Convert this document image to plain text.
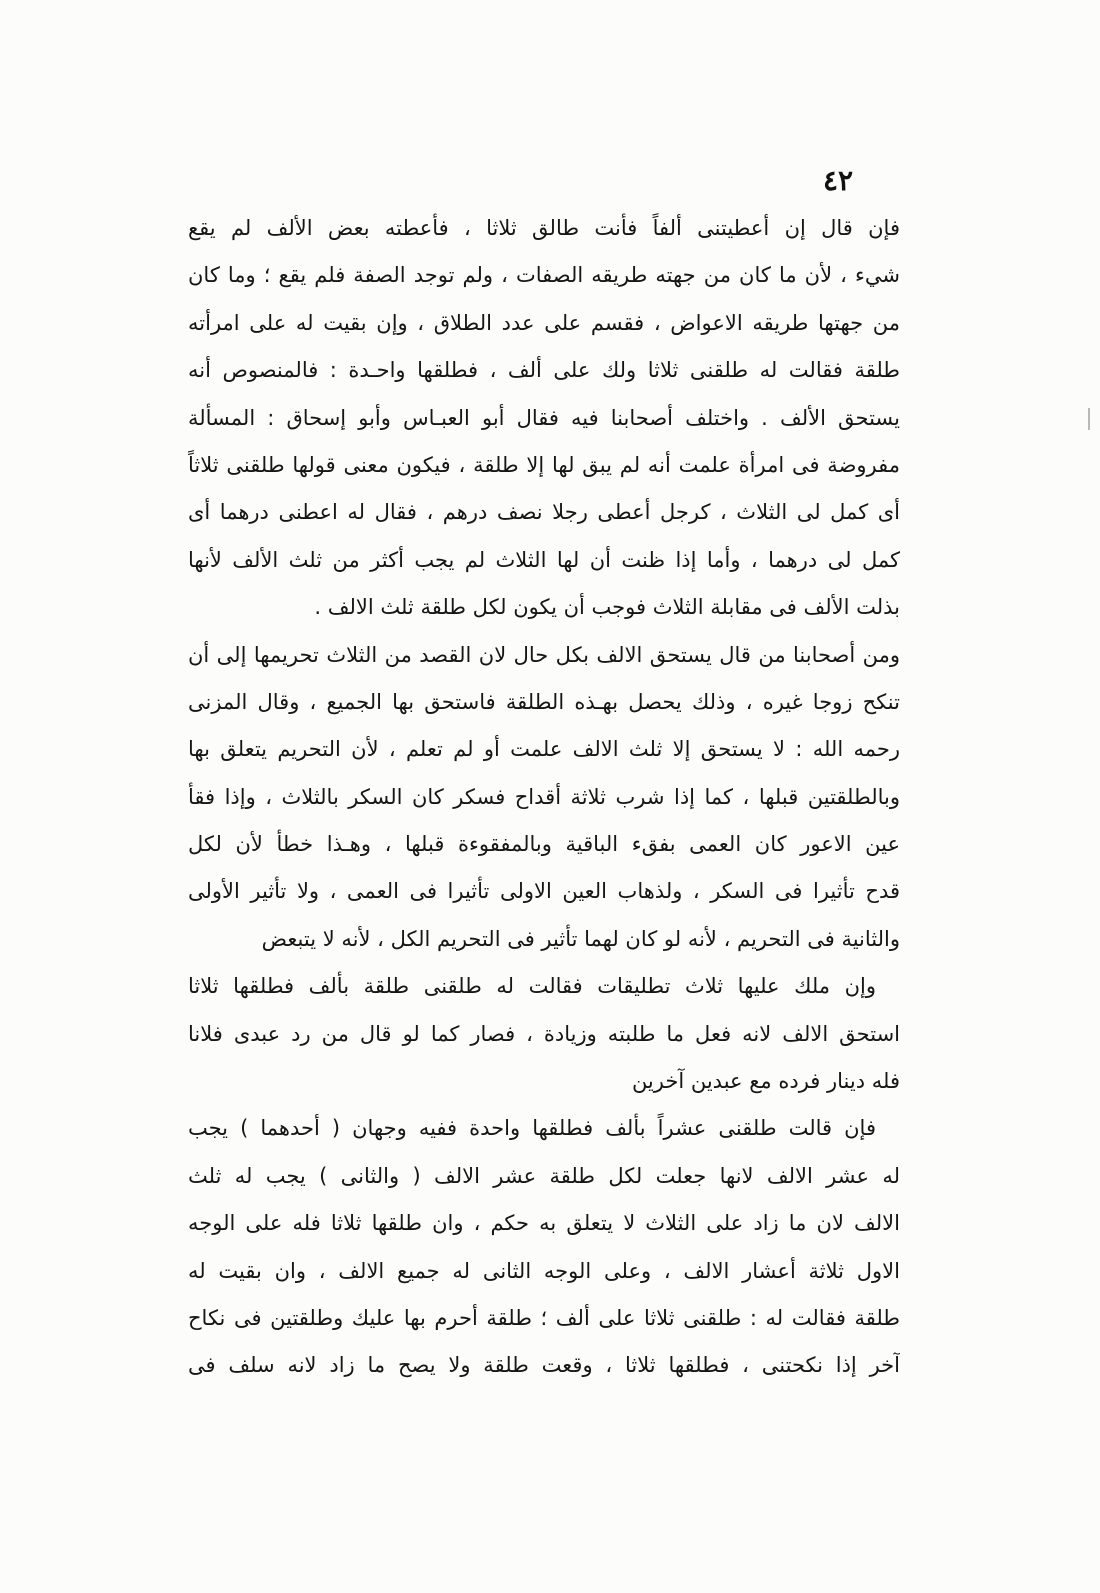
٤٢
فإن قال إن أعطيتنى ألفاً فأنت طالق ثلاثا ، فأعطته بعض الألف لم يقع
شيء ، لأن ما كان من جهته طريقه الصفات ، ولم توجد الصفة فلم يقع ؛ وما كان
من جهتها طريقه الاعواض ، فقسم على عدد الطلاق ، وإن بقيت له على امرأته
طلقة فقالت له طلقنى ثلاثا ولك على ألف ، فطلقها واحـدة : فالمنصوص أنه
يستحق الألف . واختلف أصحابنا فيه فقال أبو العبـاس وأبو إسحاق : المسألة
مفروضة فى امرأة علمت أنه لم يبق لها إلا طلقة ، فيكون معنى قولها طلقنى ثلاثاً
أى كمل لى الثلاث ، كرجل أعطى رجلا نصف درهم ، فقال له اعطنى درهما أى
كمل لى درهما ، وأما إذا ظنت أن لها الثلاث لم يجب أكثر من ثلث الألف لأنها
بذلت الألف فى مقابلة الثلاث فوجب أن يكون لكل طلقة ثلث الالف .
ومن أصحابنا من قال يستحق الالف بكل حال لان القصد من الثلاث تحريمها إلى أن
تنكح زوجا غيره ، وذلك يحصل بهـذه الطلقة فاستحق بها الجميع ، وقال المزنى
رحمه الله : لا يستحق إلا ثلث الالف علمت أو لم تعلم ، لأن التحريم يتعلق بها
وبالطلقتين قبلها ، كما إذا شرب ثلاثة أقداح فسكر كان السكر بالثلاث ، وإذا فقأ
عين الاعور كان العمى بفقء الباقية وبالمفقوءة قبلها ، وهـذا خطأ لأن لكل
قدح تأثيرا فى السكر ، ولذهاب العين الاولى تأثيرا فى العمى ، ولا تأثير الأولى
والثانية فى التحريم ، لأنه لو كان لهما تأثير فى التحريم الكل ، لأنه لا يتبعض
وإن ملك عليها ثلاث تطليقات فقالت له طلقنى طلقة بألف فطلقها ثلاثا
استحق الالف لانه فعل ما طلبته وزيادة ، فصار كما لو قال من رد عبدى فلانا
فله دينار فرده مع عبدين آخرين
فإن قالت طلقنى عشراً بألف فطلقها واحدة ففيه وجهان ( أحدهما ) يجب
له عشر الالف لانها جعلت لكل طلقة عشر الالف ( والثانى ) يجب له ثلث
الالف لان ما زاد على الثلاث لا يتعلق به حكم ، وان طلقها ثلاثا فله على الوجه
الاول ثلاثة أعشار الالف ، وعلى الوجه الثانى له جميع الالف ، وان بقيت له
طلقة فقالت له : طلقنى ثلاثا على ألف ؛ طلقة أحرم بها عليك وطلقتين فى نكاح
آخر إذا نكحتنى ، فطلقها ثلاثا ، وقعت طلقة ولا يصح ما زاد لانه سلف فى
